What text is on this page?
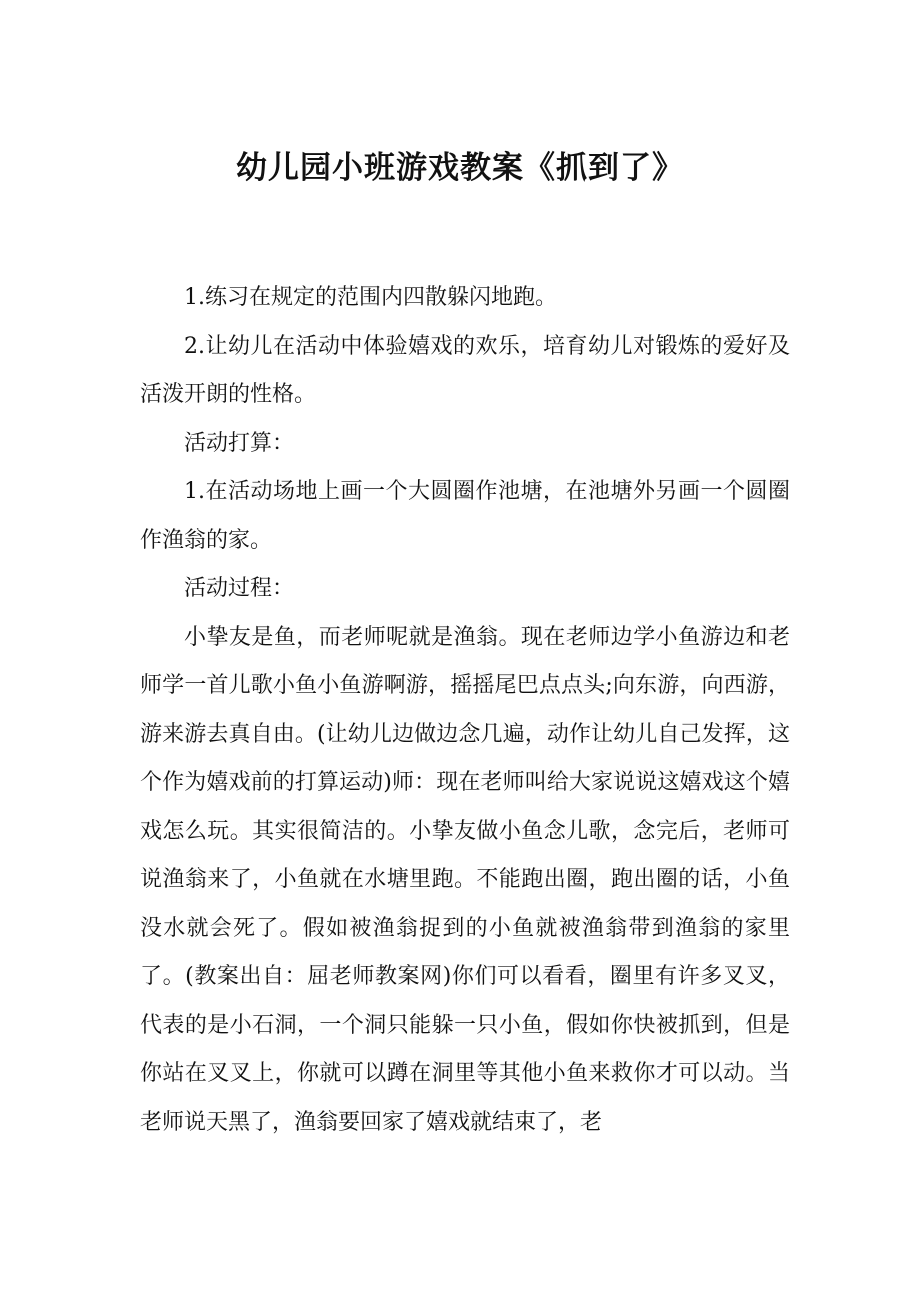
幼儿园小班游戏教案《抓到了》

1.练习在规定的范围内四散躲闪地跑。

2.让幼儿在活动中体验嬉戏的欢乐，培育幼儿对锻炼的爱好及活泼开朗的性格。

活动打算：

1.在活动场地上画一个大圆圈作池塘，在池塘外另画一个圆圈作渔翁的家。

活动过程：

小挚友是鱼，而老师呢就是渔翁。现在老师边学小鱼游边和老师学一首儿歌小鱼小鱼游啊游，摇摇尾巴点点头;向东游，向西游，游来游去真自由。(让幼儿边做边念几遍，动作让幼儿自己发挥，这个作为嬉戏前的打算运动)师：现在老师叫给大家说说这嬉戏这个嬉戏怎么玩。其实很简洁的。小挚友做小鱼念儿歌，念完后，老师可说渔翁来了，小鱼就在水塘里跑。不能跑出圈，跑出圈的话，小鱼没水就会死了。假如被渔翁捉到的小鱼就被渔翁带到渔翁的家里了。(教案出自：屈老师教案网)你们可以看看，圈里有许多叉叉，代表的是小石洞，一个洞只能躲一只小鱼，假如你快被抓到，但是你站在叉叉上，你就可以蹲在洞里等其他小鱼来救你才可以动。当老师说天黑了，渔翁要回家了嬉戏就结束了，老
